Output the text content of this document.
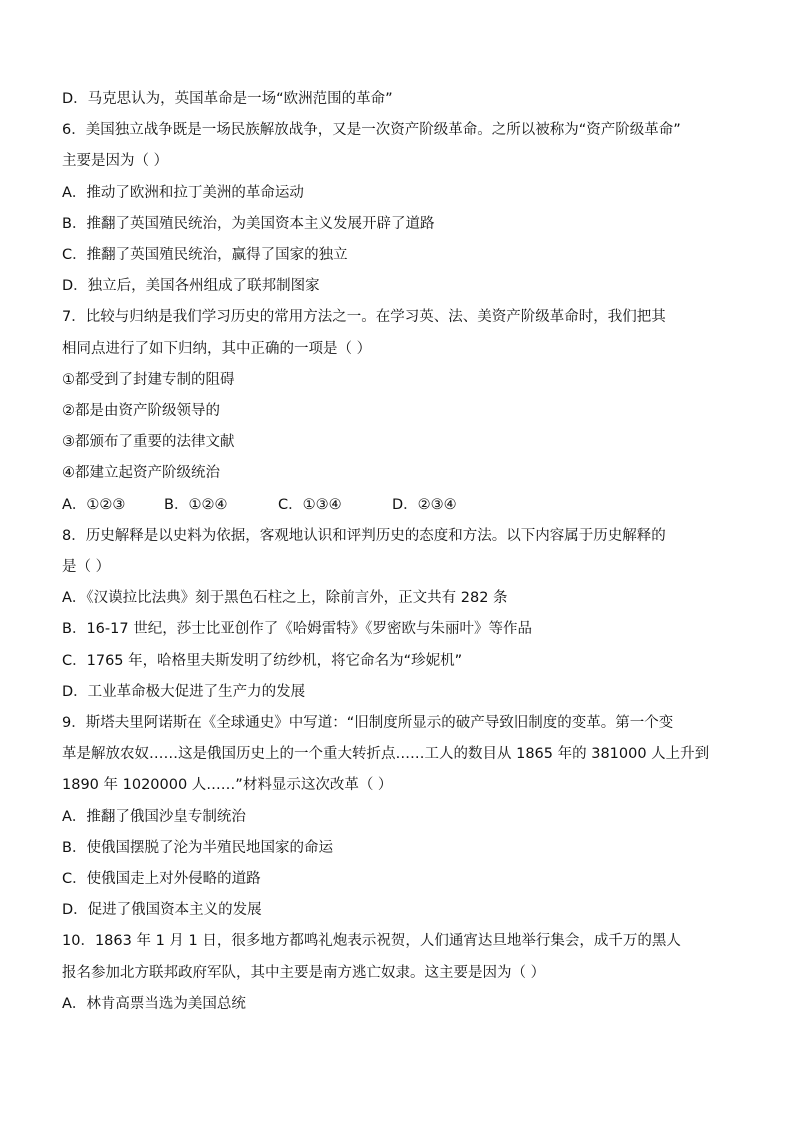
D．马克思认为，英国革命是一场“欧洲范围的革命”
6．美国独立战争既是一场民族解放战争，又是一次资产阶级革命。之所以被称为“资产阶级革命”
主要是因为（ ）
A．推动了欧洲和拉丁美洲的革命运动
B．推翻了英国殖民统治，为美国资本主义发展开辟了道路
C．推翻了英国殖民统治，赢得了国家的独立
D．独立后，美国各州组成了联邦制图家
7．比较与归纳是我们学习历史的常用方法之一。在学习英、法、美资产阶级革命时，我们把其
相同点进行了如下归纳，其中正确的一项是（ ）
①都受到了封建专制的阻碍
②都是由资产阶级领导的
③都颁布了重要的法律文献
④都建立起资产阶级统治
A．①②③	B．①②④	C．①③④	D．②③④
8．历史解释是以史料为依据，客观地认识和评判历史的态度和方法。以下内容属于历史解释的
是（ ）
A．《汉谟拉比法典》刻于黑色石柱之上，除前言外，正文共有 282 条
B．16-17 世纪，莎士比亚创作了《哈姆雷特》《罗密欧与朱丽叶》等作品
C．1765 年，哈格里夫斯发明了纺纱机，将它命名为“珍妮机”
D．工业革命极大促进了生产力的发展
9．斯塔夫里阿诺斯在《全球通史》中写道：“旧制度所显示的破产导致旧制度的变革。第一个变
革是解放农奴……这是俄国历史上的一个重大转折点……工人的数目从 1865 年的 381000 人上升到
1890 年 1020000 人……”材料显示这次改革（ ）
A．推翻了俄国沙皇专制统治
B．使俄国摆脱了沦为半殖民地国家的命运
C．使俄国走上对外侵略的道路
D．促进了俄国资本主义的发展
10．1863 年 1 月 1 日，很多地方都鸣礼炮表示祝贺，人们通宵达旦地举行集会，成千万的黑人
报名参加北方联邦政府军队，其中主要是南方逃亡奴隶。这主要是因为（ ）
A．林肯高票当选为美国总统
